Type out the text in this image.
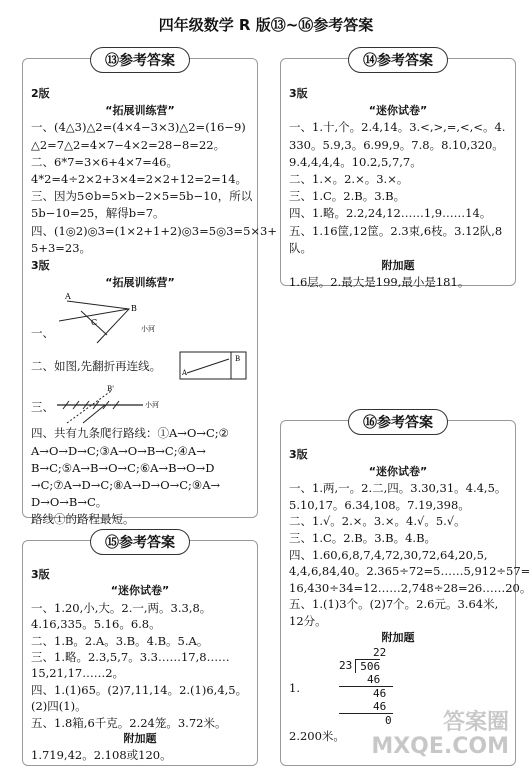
四年级数学 R 版⑬~⑯参考答案
⑬参考答案
2版
“拓展训练营”
一、(4△3)△2=(4×4−3×3)△2=(16−9)
△2=7△2=4×7−4×2=28−8=22。
二、6*7=3×6+4×7=46。4*2=4÷2×2+3×4=2×2+12=2=14。
三、因为5⊙b=5×b−2×5=5b−10，所以
5b−10=25，解得b=7。
四、(1◎2)◎3=(1×2+1+2)◎3=5◎3=5×3+
5+3=23。
3版
“拓展训练营”
A
B
C
小河
一、
二、如图,先翻折再连线。	A
B
B'
小河
三、
四、共有九条爬行路线：①A→O→C;②
A→O→D→C;③A→O→B→C;④A→
B→C;⑤A→B→O→C;⑥A→B→O→D
→C;⑦A→D→C;⑧A→D→O→C;⑨A→
D→O→B→C。
路线①的路程最短。
⑭参考答案
3版
“迷你试卷”
一、1.十,个。2.4,14。3.<,>,=,<,<。4.
330。5.9,3。6.99,9。7.8。8.10,320。
9.4,4,4,4。10.2,5,7,7。
二、1.×。2.×。3.×。
三、1.C。2.B。3.B。
四、1.略。2.2,24,12……1,9……14。
五、1.16筐,12筐。2.3束,6枝。3.12队,8
队。
附加题
1.6层。2.最大是199,最小是181。
⑮参考答案
3版
“迷你试卷”
一、1.20,小,大。2.一,两。3.3,8。
4.16,335。5.16。6.8。
二、1.B。2.A。3.B。4.B。5.A。
三、1.略。2.3,5,7。3.3……17,8……
15,21,17……2。
四、1.(1)65。(2)7,11,14。2.(1)6,4,5。
(2)四(1)。
五、1.8箱,6千克。2.24笼。3.72米。
附加题
1.719,42。2.108或120。
⑯参考答案
3版
“迷你试卷”
一、1.两,一。2.二,四。3.30,31。4.4,5。
5.10,17。6.34,108。7.19,398。
二、1.√。2.×。3.×。4.√。5.√。
三、1.C。2.B。3.B。4.B。
四、1.60,6,8,7,4,72,30,72,64,20,5,
4,4,6,84,40。2.365÷72=5……5,912÷57=
16,430÷34=12……2,748÷28=26……20。
五、1.(1)3个。(2)7个。2.6元。3.64米,
12分。
附加题
1.
22
23 506
46
46
46
0
2.200米。
答案圈
MXQE.COM
